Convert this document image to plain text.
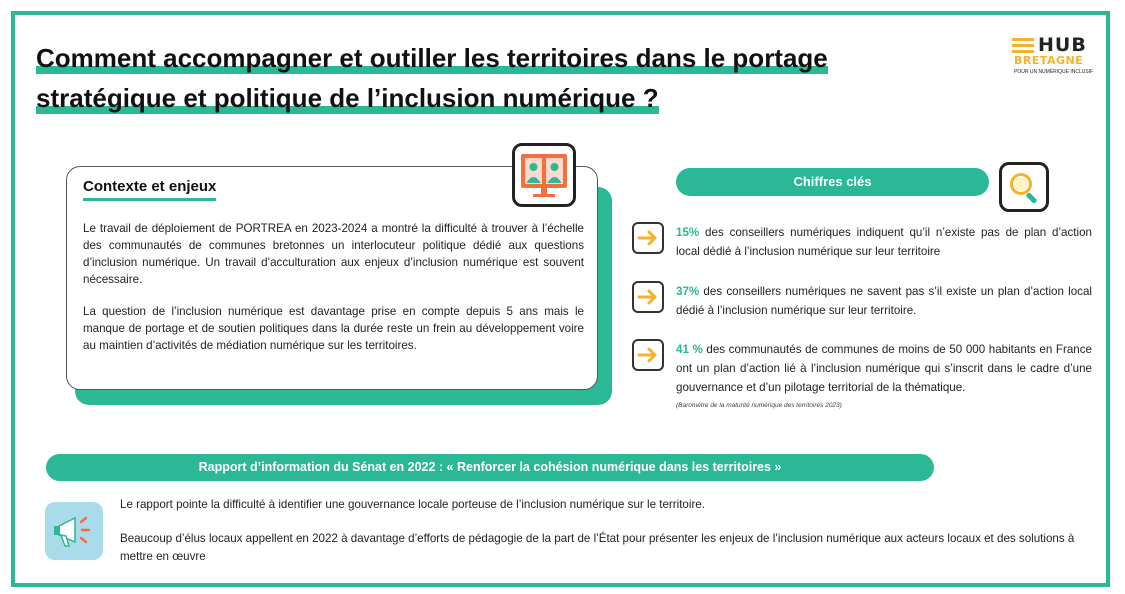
Comment accompagner et outiller les territoires dans le portage
stratégique et politique de l’inclusion numérique ?
HUB
BRETAGNE
POUR UN NUMÉRIQUE INCLUSIF
Contexte et enjeux

Le travail de déploiement de PORTREA en 2023-2024 a montré la difficulté à trouver à l’échelle des communautés de communes bretonnes un interlocuteur politique dédié aux questions d’inclusion numérique. Un travail d’acculturation aux enjeux d’inclusion numérique est souvent nécessaire.

La question de l’inclusion numérique est davantage prise en compte depuis 5 ans mais le manque de portage et de soutien politiques dans la durée reste un frein au développement voire au maintien d’activités de médiation numérique sur les territoires.

Chiffres clés
15% des conseillers numériques indiquent qu’il n’existe pas de plan d’action local dédié à l’inclusion numérique sur leur territoire
37% des conseillers numériques ne savent pas s’il existe un plan d’action local dédié à l’inclusion numérique sur leur territoire.
41 % des communautés de communes de moins de 50 000 habitants en France ont un plan d’action lié à l’inclusion numérique qui s’inscrit dans le cadre d’une gouvernance et d’un pilotage territorial de la thématique.
(Baromètre de la maturité numérique des territoires 2023)
Rapport d’information du Sénat en 2022 : « Renforcer la cohésion numérique dans les territoires »

Le rapport pointe la difficulté à identifier une gouvernance locale porteuse de l’inclusion numérique sur le territoire.

Beaucoup d’élus locaux appellent en 2022 à davantage d’efforts de pédagogie de la part de l’État pour présenter les enjeux de l’inclusion numérique aux acteurs locaux et des solutions à mettre en œuvre
